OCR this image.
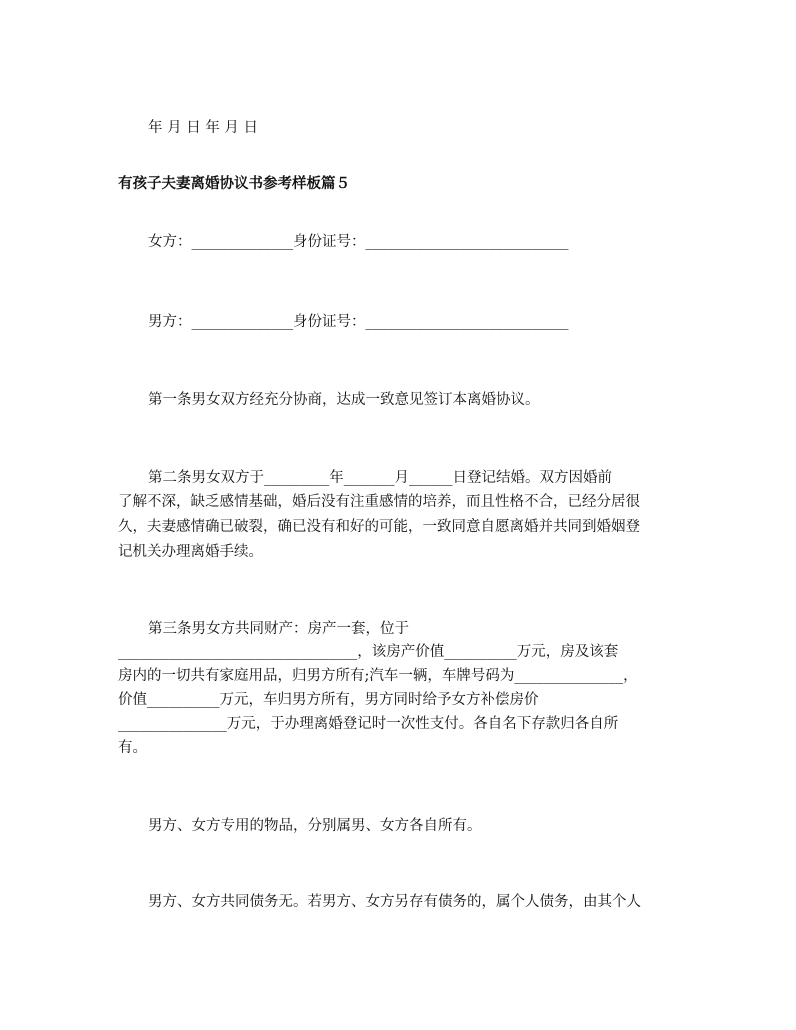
年 月 日 年 月 日
有孩子夫妻离婚协议书参考样板篇５
女方：______________身份证号：____________________________
男方：______________身份证号：____________________________
第一条男女双方经充分协商，达成一致意见签订本离婚协议。
第二条男女双方于_________年_______月______日登记结婚。双方因婚前
了解不深，缺乏感情基础，婚后没有注重感情的培养，而且性格不合，已经分居很
久，夫妻感情确已破裂，确已没有和好的可能，一致同意自愿离婚并共同到婚姻登
记机关办理离婚手续。
第三条男女方共同财产：房产一套，位于
_________________________________，该房产价值__________万元，房及该套
房内的一切共有家庭用品，归男方所有;汽车一辆，车牌号码为_______________，
价值__________万元，车归男方所有，男方同时给予女方补偿房价
_______________万元，于办理离婚登记时一次性支付。各自名下存款归各自所
有。
男方、女方专用的物品，分别属男、女方各自所有。
男方、女方共同债务无。若男方、女方另存有债务的，属个人债务，由其个人
